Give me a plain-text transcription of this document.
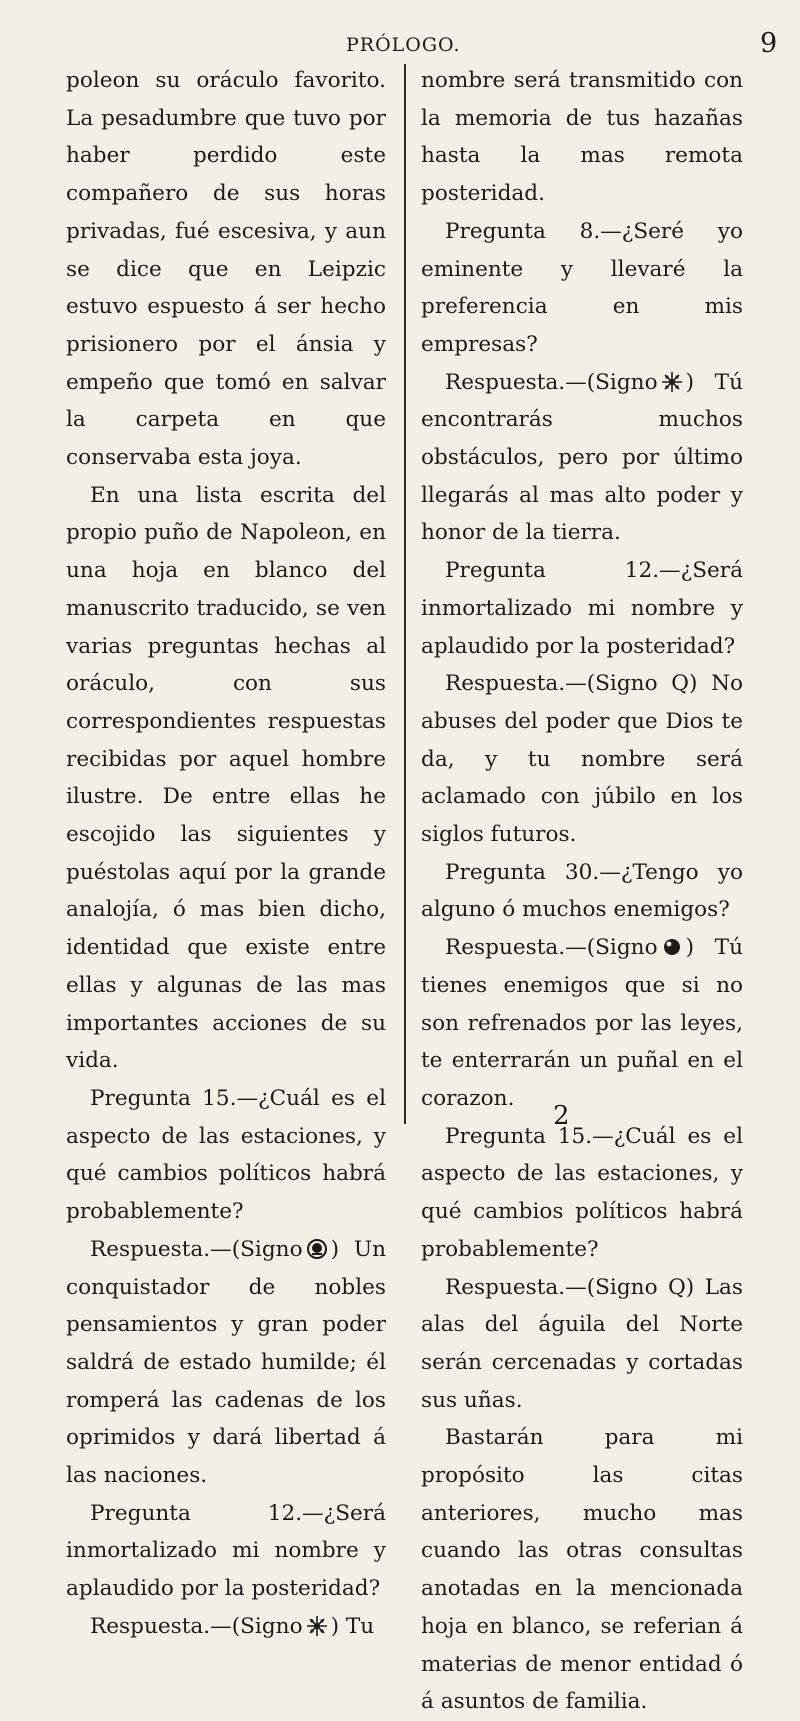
PRÓLOGO.	9

poleon su oráculo favorito. La pesadumbre que tuvo por haber perdido este compañero de sus horas privadas, fué escesiva, y aun se dice que en Leipzic estuvo espuesto á ser hecho prisionero por el ánsia y empeño que tomó en salvar la carpeta en que conservaba esta joya.

En una lista escrita del propio puño de Napoleon, en una hoja en blanco del manuscrito traducido, se ven varias preguntas hechas al oráculo, con sus correspondientes respuestas recibidas por aquel hombre ilustre. De entre ellas he escojido las siguientes y puéstolas aquí por la grande analojía, ó mas bien dicho, identidad que existe entre ellas y algunas de las mas importantes acciones de su vida.

Pregunta 15.—¿Cuál es el aspecto de las estaciones, y qué cambios políticos habrá probablemente?

Respuesta.—(Signo ) Un conquistador de nobles pensamientos y gran poder saldrá de estado humilde; él romperá las cadenas de los oprimidos y dará libertad á las naciones.

Pregunta 12.—¿Será inmortalizado mi nombre y aplaudido por la posteridad?

Respuesta.—(Signo ) Tu

nombre será transmitido con la memoria de tus hazañas hasta la mas remota posteridad.

Pregunta 8.—¿Seré yo eminente y llevaré la preferencia en mis empresas?

Respuesta.—(Signo ) Tú encontrarás muchos obstáculos, pero por último llegarás al mas alto poder y honor de la tierra.

Pregunta 12.—¿Será inmortalizado mi nombre y aplaudido por la posteridad?

Respuesta.—(Signo Q) No abuses del poder que Dios te da, y tu nombre será aclamado con júbilo en los siglos futuros.

Pregunta 30.—¿Tengo yo alguno ó muchos enemigos?

Respuesta.—(Signo ) Tú tienes enemigos que si no son refrenados por las leyes, te enterrarán un puñal en el corazon.

Pregunta 15.—¿Cuál es el aspecto de las estaciones, y qué cambios políticos habrá probablemente?

Respuesta.—(Signo Q) Las alas del águila del Norte serán cercenadas y cortadas sus uñas.

Bastarán para mi propósito las citas anteriores, mucho mas cuando las otras consultas anotadas en la mencionada hoja en blanco, se referian á materias de menor entidad ó á asuntos de familia.

2
